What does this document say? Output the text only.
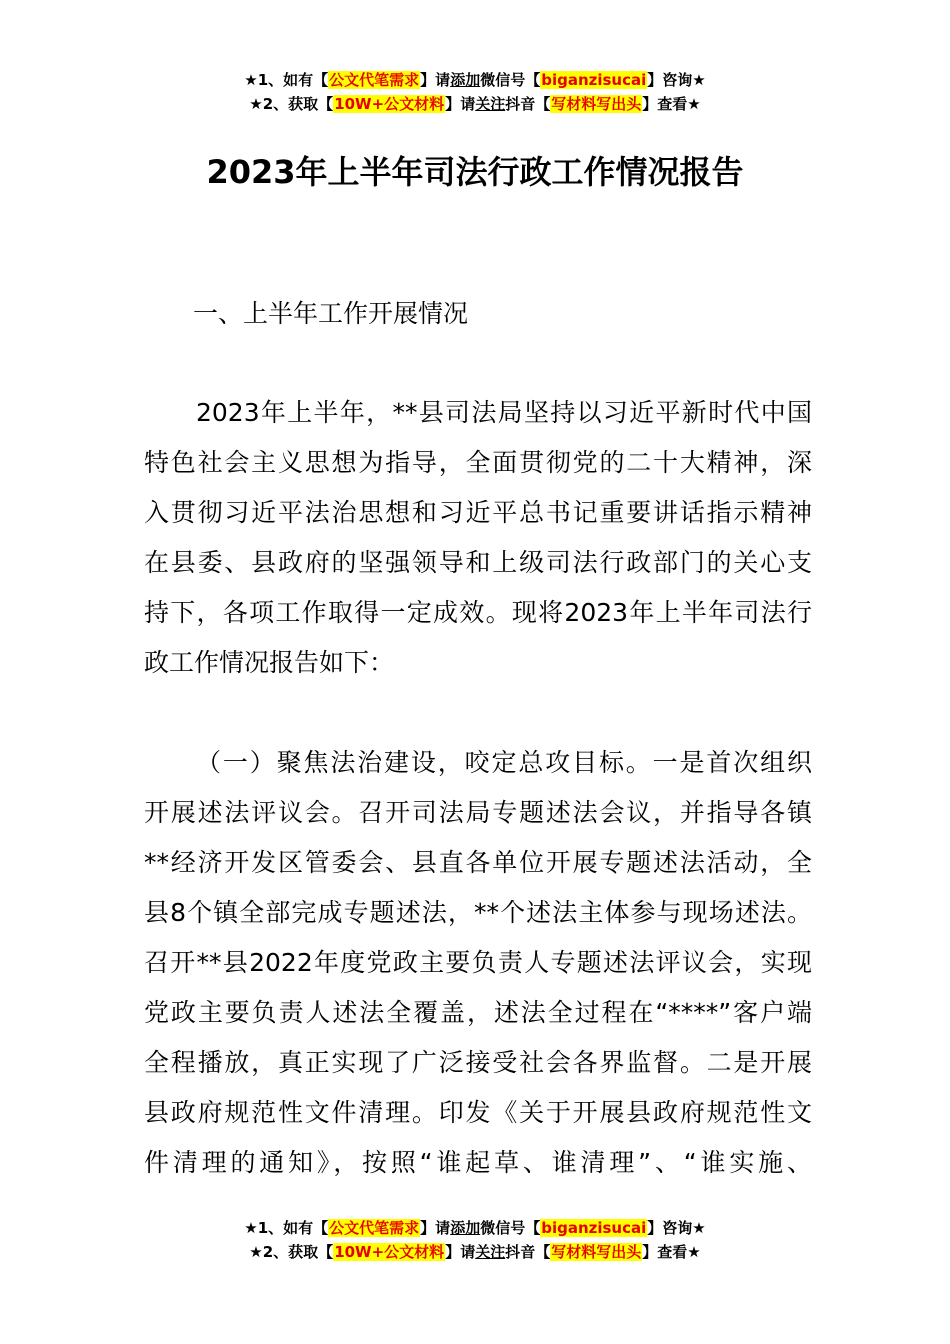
★1、如有【公文代笔需求】请添加微信号【biganzisucai】咨询★
★2、获取【10W+公文材料】请关注抖音【写材料写出头】查看★
2023年上半年司法行政工作情况报告
一、上半年工作开展情况
2023年上半年，**县司法局坚持以习近平新时代中国
特色社会主义思想为指导，全面贯彻党的二十大精神，深
入贯彻习近平法治思想和习近平总书记重要讲话指示精神
在县委、县政府的坚强领导和上级司法行政部门的关心支
持下，各项工作取得一定成效。现将2023年上半年司法行
政工作情况报告如下：
（一）聚焦法治建设，咬定总攻目标。一是首次组织
开展述法评议会。召开司法局专题述法会议，并指导各镇
**经济开发区管委会、县直各单位开展专题述法活动，全
县8个镇全部完成专题述法，**个述法主体参与现场述法。
召开**县2022年度党政主要负责人专题述法评议会，实现
党政主要负责人述法全覆盖，述法全过程在“****”客户端
全程播放，真正实现了广泛接受社会各界监督。二是开展
县政府规范性文件清理。印发《关于开展县政府规范性文
件清理的通知》，按照“谁起草、谁清理”、“谁实施、
★1、如有【公文代笔需求】请添加微信号【biganzisucai】咨询★
★2、获取【10W+公文材料】请关注抖音【写材料写出头】查看★
